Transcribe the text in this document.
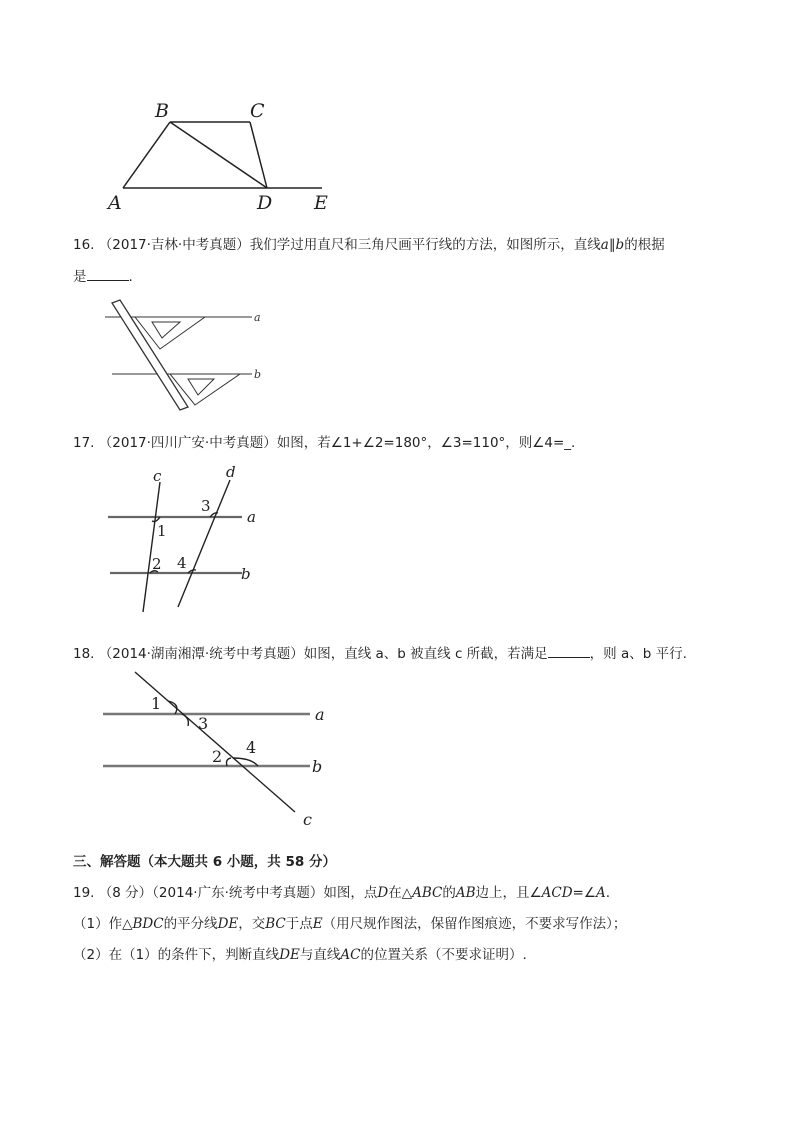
B	C
A	D E
16. （2017·吉林·中考真题）我们学过用直尺和三角尺画平行线的方法，如图所示，直线a∥b的根据
是	.
a
b
17. （2017·四川广安·中考真题）如图，若∠1+∠2=180°，∠3=110°，则∠4=_.
c	d
a
b
1
2
3
4
18. （2014·湖南湘潭·统考中考真题）如图，直线 a、b 被直线 c 所截，若满足	，则 a、b 平行.
a
b
c
1
3
2 4
三、解答题（本大题共 6 小题，共 58 分）
19. （8 分）（2014·广东·统考中考真题）如图，点D在△ABC的AB边上，且∠ACD=∠A.
（1）作△BDC的平分线DE，交BC于点E（用尺规作图法，保留作图痕迹，不要求写作法）；
（2）在（1）的条件下，判断直线DE与直线AC的位置关系（不要求证明）.
